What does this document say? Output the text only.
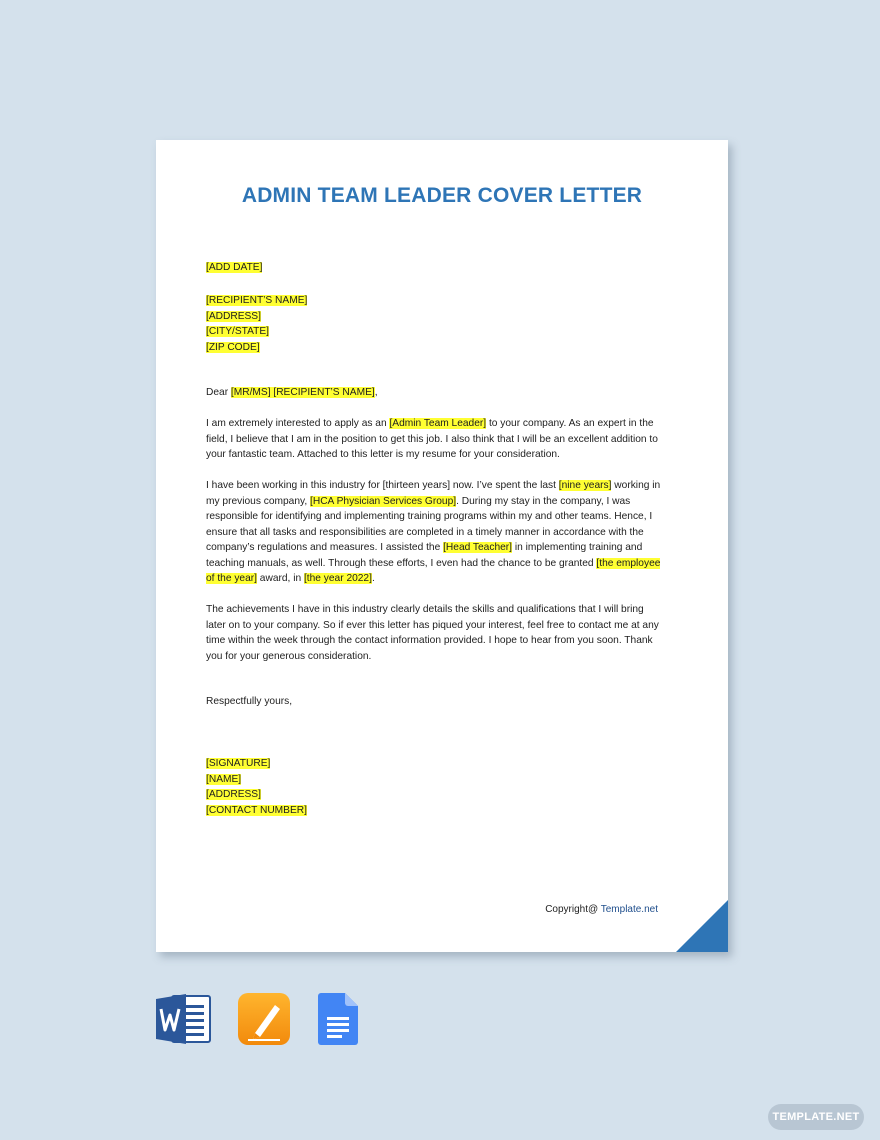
ADMIN TEAM LEADER COVER LETTER
[ADD DATE]
[RECIPIENT’S NAME]
[ADDRESS]
[CITY/STATE]
[ZIP CODE]
Dear [MR/MS] [RECIPIENT’S NAME],

I am extremely interested to apply as an [Admin Team Leader] to your company. As an expert in the field, I believe that I am in the position to get this job. I also think that I will be an excellent addition to your fantastic team. Attached to this letter is my resume for your consideration.

I have been working in this industry for [thirteen years] now. I’ve spent the last [nine years] working in my previous company, [HCA Physician Services Group]. During my stay in the company, I was responsible for identifying and implementing training programs within my and other teams. Hence, I ensure that all tasks and responsibilities are completed in a timely manner in accordance with the company’s regulations and measures. I assisted the [Head Teacher] in implementing training and teaching manuals, as well. Through these efforts, I even had the chance to be granted [the employee of the year] award, in [the year 2022].

The achievements I have in this industry clearly details the skills and qualifications that I will bring later on to your company. So if ever this letter has piqued your interest, feel free to contact me at any time within the week through the contact information provided. I hope to hear from you soon. Thank you for your generous consideration.

Respectfully yours,
[SIGNATURE]
[NAME]
[ADDRESS]
[CONTACT NUMBER]
Copyright@ Template.net
TEMPLATE.NET
